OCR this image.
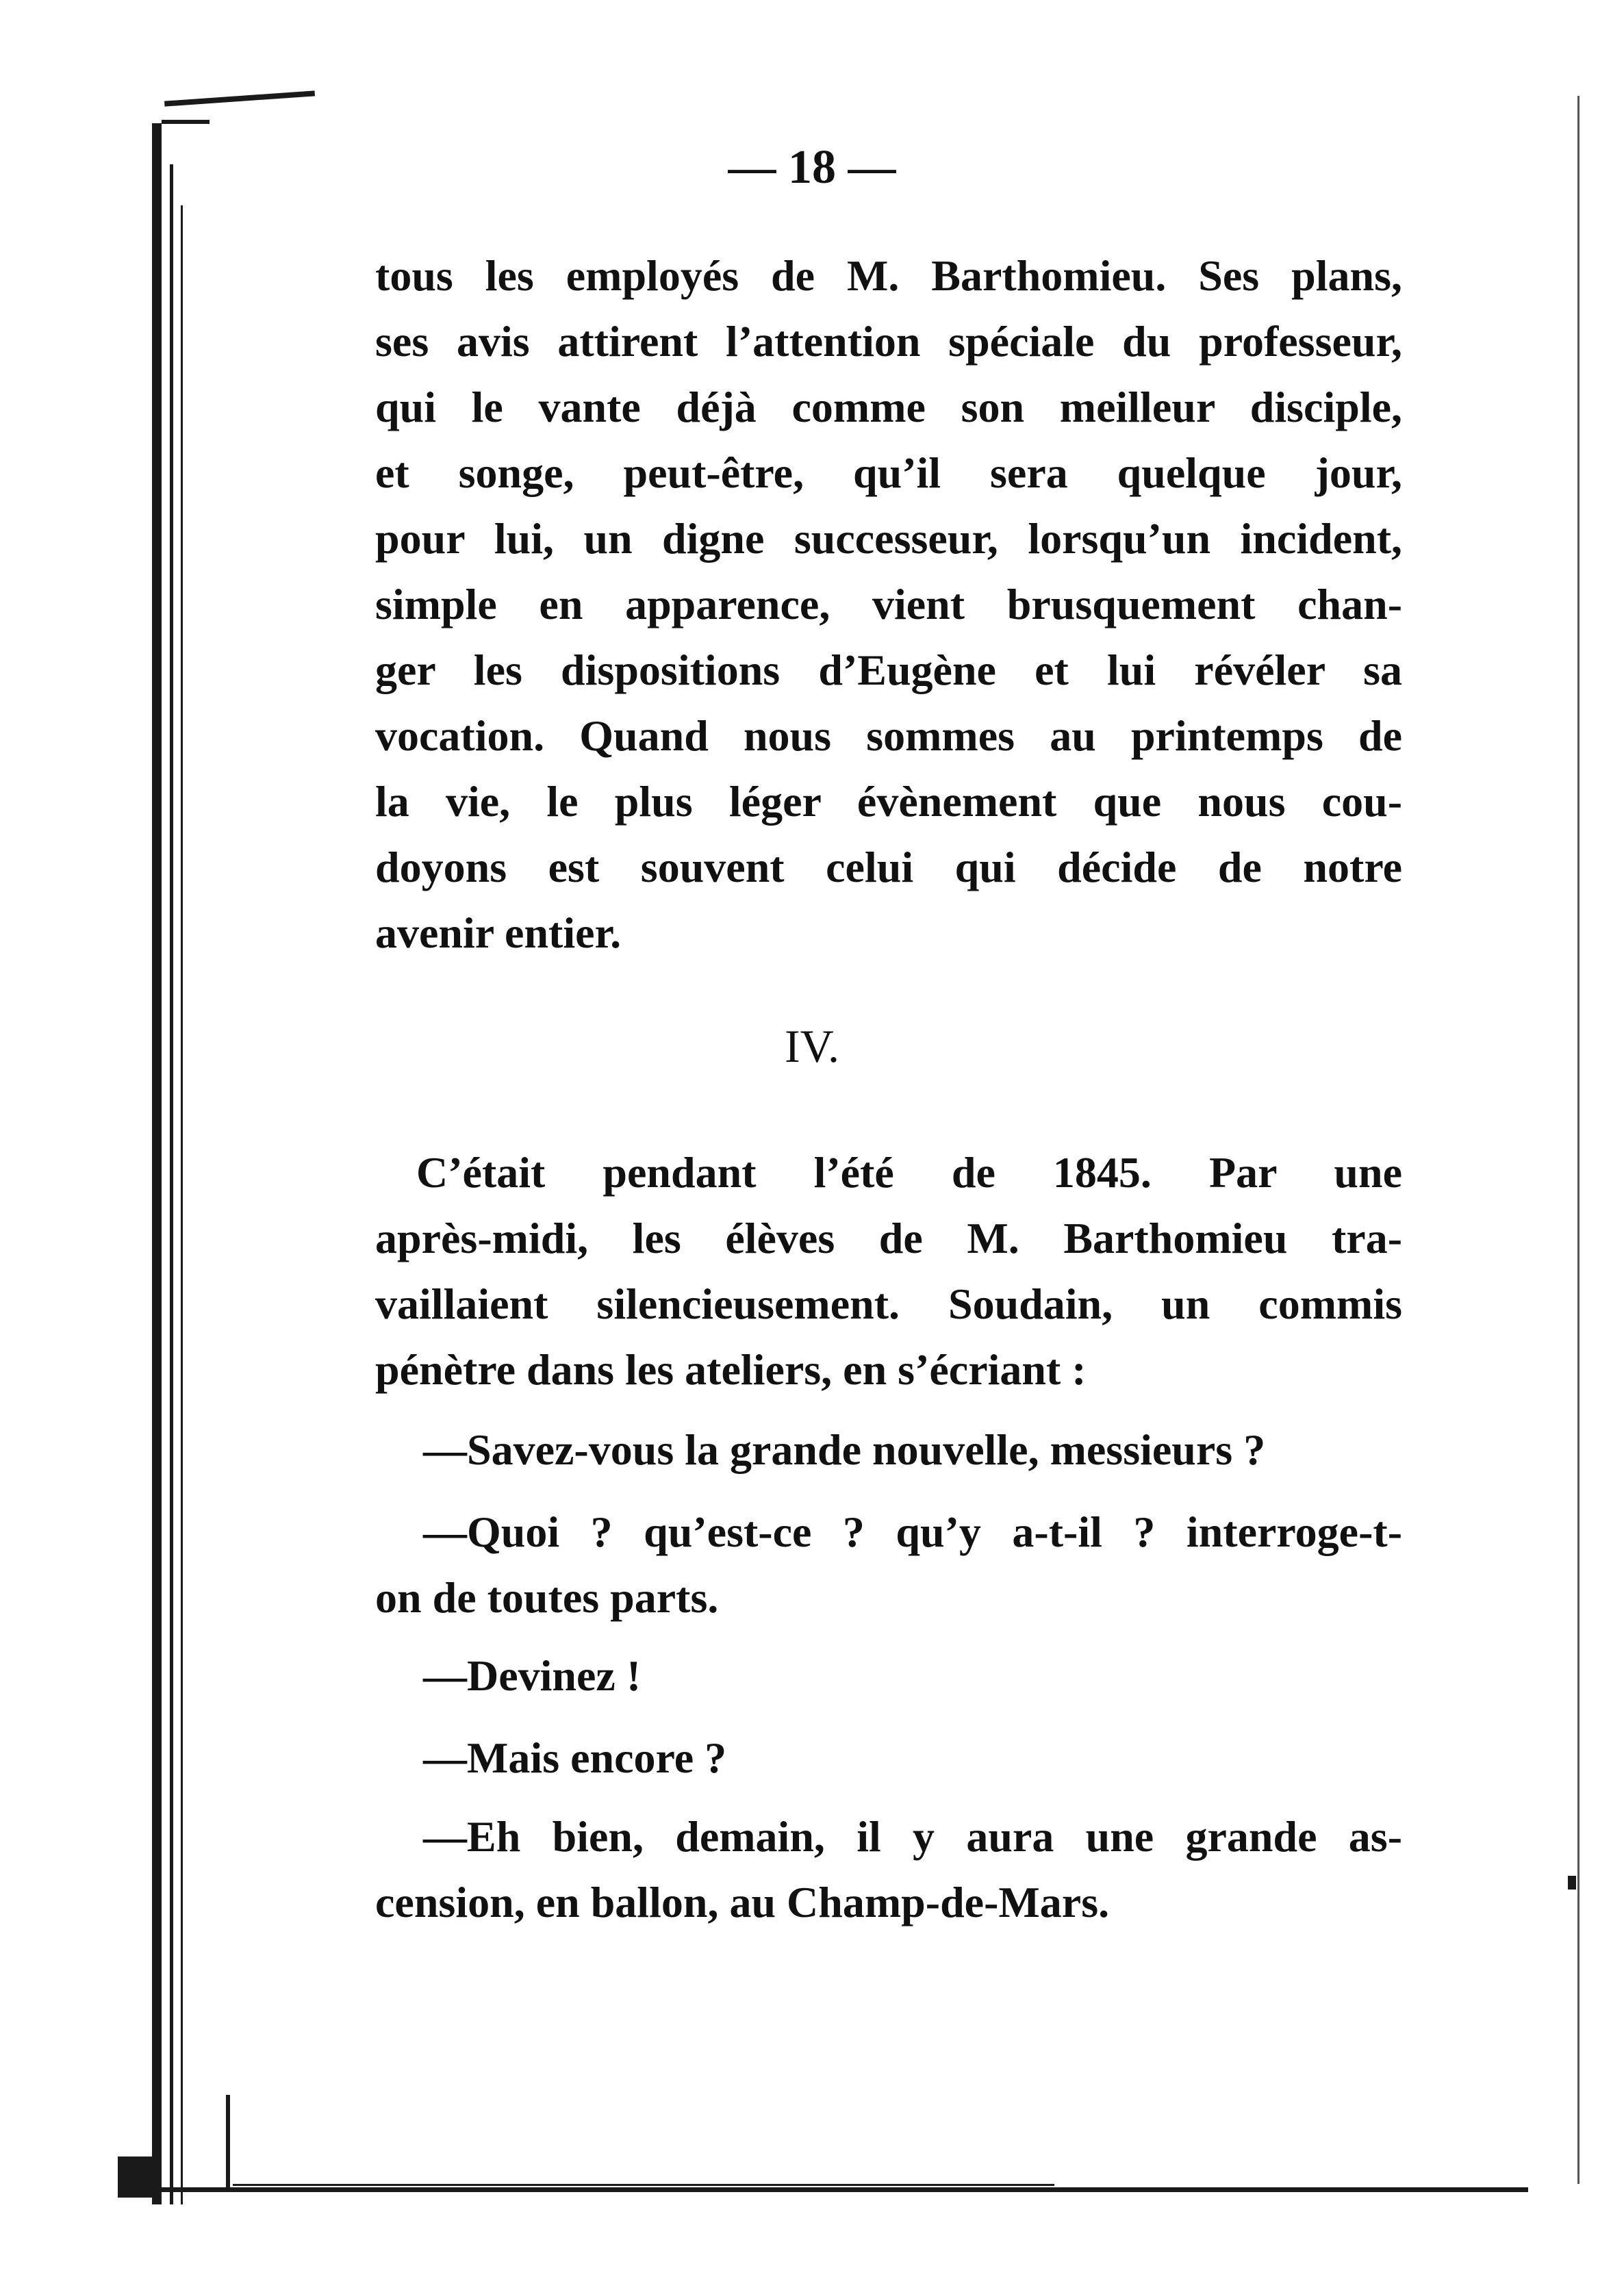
— 18 —
tous les employés de M. Barthomieu. Ses plans,
ses avis attirent l’attention spéciale du professeur,
qui le vante déjà comme son meilleur disciple,
et songe, peut-être, qu’il sera quelque jour,
pour lui, un digne successeur, lorsqu’un incident,
simple en apparence, vient brusquement chan-
ger les dispositions d’Eugène et lui révéler sa
vocation. Quand nous sommes au printemps de
la vie, le plus léger évènement que nous cou-
doyons est souvent celui qui décide de notre
avenir entier.
IV.
C’était pendant l’été de 1845. Par une
après-midi, les élèves de M. Barthomieu tra-
vaillaient silencieusement. Soudain, un commis
pénètre dans les ateliers, en s’écriant :
—Savez-vous la grande nouvelle, messieurs ?
—Quoi ? qu’est-ce ? qu’y a-t-il ? interroge-t-
on de toutes parts.
—Devinez !
—Mais encore ?
—Eh bien, demain, il y aura une grande as-
cension, en ballon, au Champ-de-Mars.
